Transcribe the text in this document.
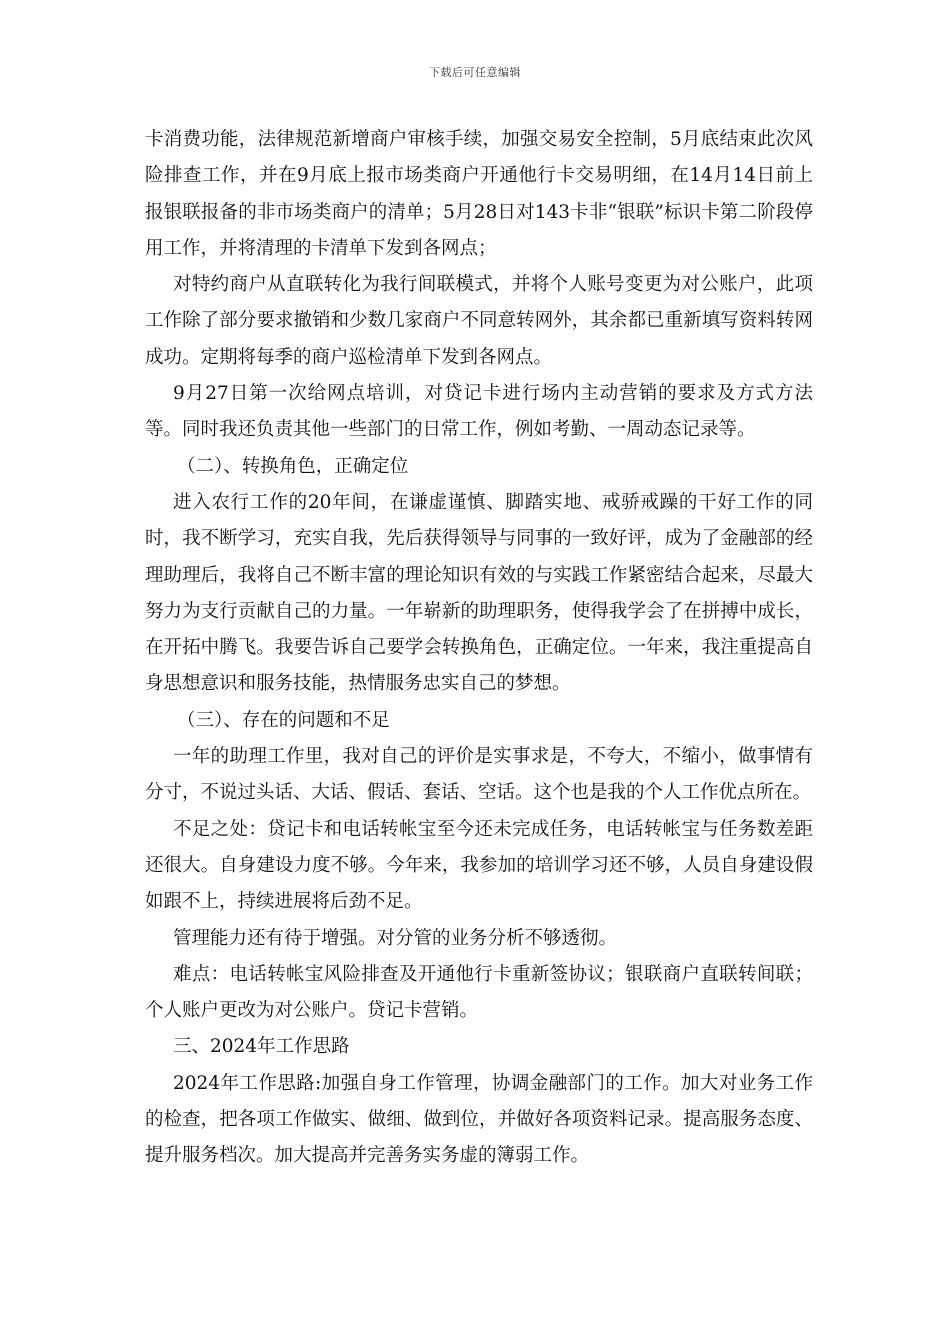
下载后可任意编辑

卡消费功能，法律规范新增商户审核手续，加强交易安全控制，5月底结束此次风险排查工作，并在9月底上报市场类商户开通他行卡交易明细，在14月14日前上报银联报备的非市场类商户的清单；5月28日对143卡非“银联”标识卡第二阶段停用工作，并将清理的卡清单下发到各网点；

对特约商户从直联转化为我行间联模式，并将个人账号变更为对公账户，此项工作除了部分要求撤销和少数几家商户不同意转网外，其余都已重新填写资料转网成功。定期将每季的商户巡检清单下发到各网点。

9月27日第一次给网点培训，对贷记卡进行场内主动营销的要求及方式方法等。同时我还负责其他一些部门的日常工作，例如考勤、一周动态记录等。

（二）、转换角色，正确定位

进入农行工作的20年间，在谦虚谨慎、脚踏实地、戒骄戒躁的干好工作的同时，我不断学习，充实自我，先后获得领导与同事的一致好评，成为了金融部的经理助理后，我将自己不断丰富的理论知识有效的与实践工作紧密结合起来，尽最大努力为支行贡献自己的力量。一年崭新的助理职务，使得我学会了在拼搏中成长，在开拓中腾飞。我要告诉自己要学会转换角色，正确定位。一年来，我注重提高自身思想意识和服务技能，热情服务忠实自己的梦想。

（三）、存在的问题和不足

一年的助理工作里，我对自己的评价是实事求是，不夸大，不缩小，做事情有分寸，不说过头话、大话、假话、套话、空话。这个也是我的个人工作优点所在。

不足之处：贷记卡和电话转帐宝至今还未完成任务，电话转帐宝与任务数差距还很大。自身建设力度不够。今年来，我参加的培训学习还不够，人员自身建设假如跟不上，持续进展将后劲不足。

管理能力还有待于增强。对分管的业务分析不够透彻。

难点：电话转帐宝风险排查及开通他行卡重新签协议；银联商户直联转间联；个人账户更改为对公账户。贷记卡营销。

三、2024年工作思路

2024年工作思路:加强自身工作管理，协调金融部门的工作。加大对业务工作的检查，把各项工作做实、做细、做到位，并做好各项资料记录。提高服务态度、提升服务档次。加大提高并完善务实务虚的簿弱工作。
